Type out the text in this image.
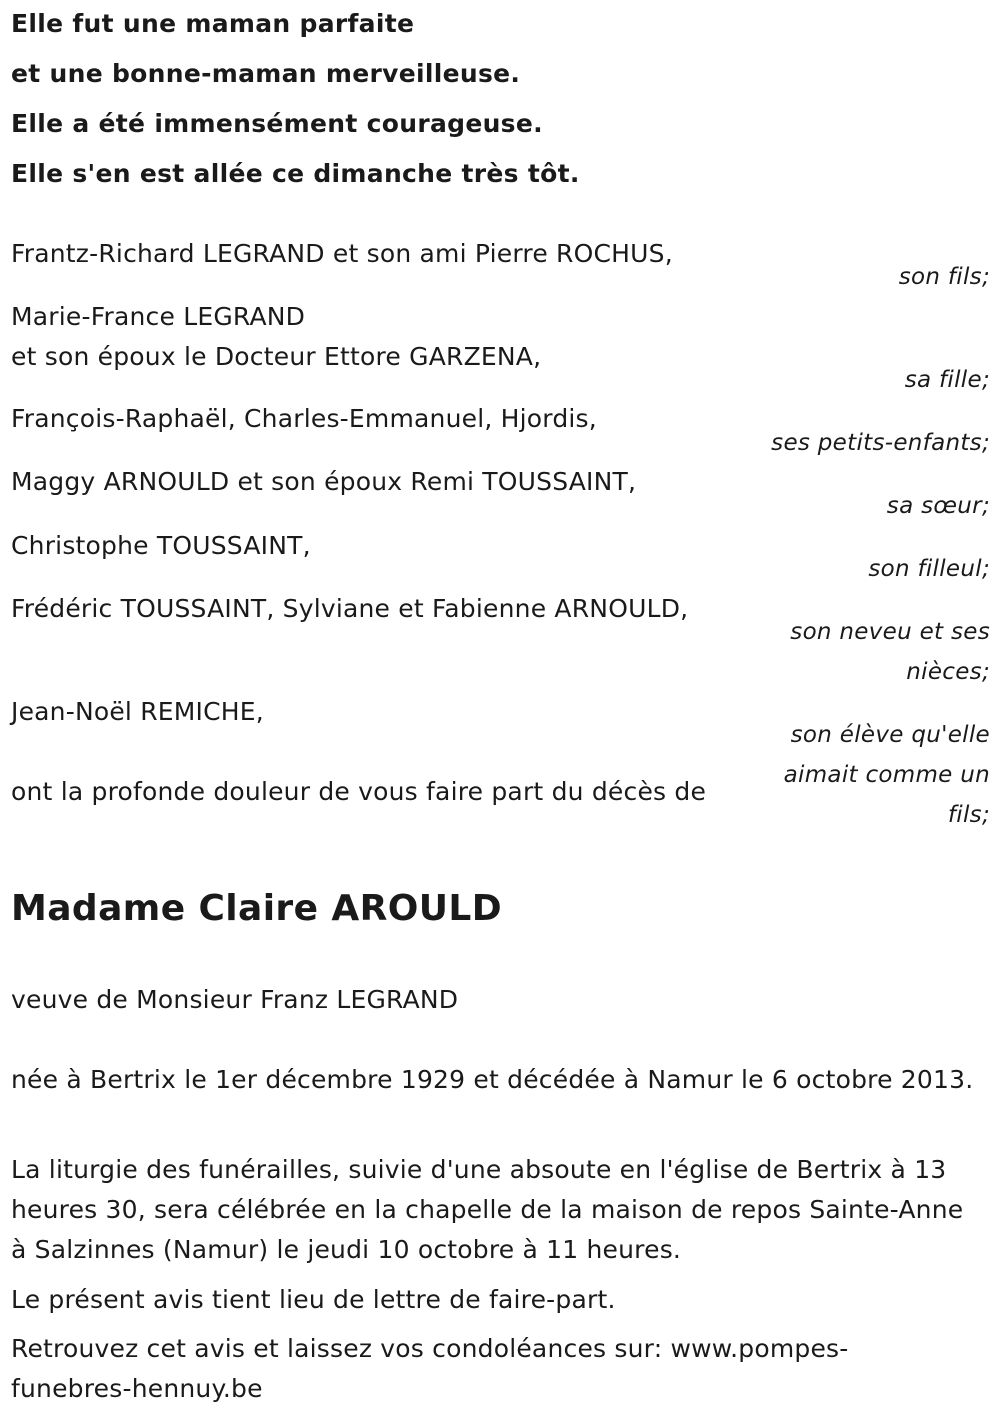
Elle fut une maman parfaite
et une bonne-maman merveilleuse.
Elle a été immensément courageuse.
Elle s'en est allée ce dimanche très tôt.
Frantz-Richard LEGRAND et son ami Pierre ROCHUS,
son fils;
Marie-France LEGRAND
et son époux le Docteur Ettore GARZENA,
sa fille;
François-Raphaël, Charles-Emmanuel, Hjordis,
ses petits-enfants;
Maggy ARNOULD et son époux Remi TOUSSAINT,
sa sœur;
Christophe TOUSSAINT,
son filleul;
Frédéric TOUSSAINT, Sylviane et Fabienne ARNOULD,
son neveu et ses
nièces;
Jean-Noël REMICHE,
son élève qu'elle
aimait comme un
fils;
ont la profonde douleur de vous faire part du décès de
Madame Claire AROULD
veuve de Monsieur Franz LEGRAND
née à Bertrix le 1er décembre 1929 et décédée à Namur le 6 octobre 2013.
La liturgie des funérailles, suivie d'une absoute en l'église de Bertrix à 13 heures 30, sera célébrée en la chapelle de la maison de repos Sainte-Anne à Salzinnes (Namur) le jeudi 10 octobre à 11 heures.
Le présent avis tient lieu de lettre de faire-part.
Retrouvez cet avis et laissez vos condoléances sur: www.pompes-funebres-hennuy.be
